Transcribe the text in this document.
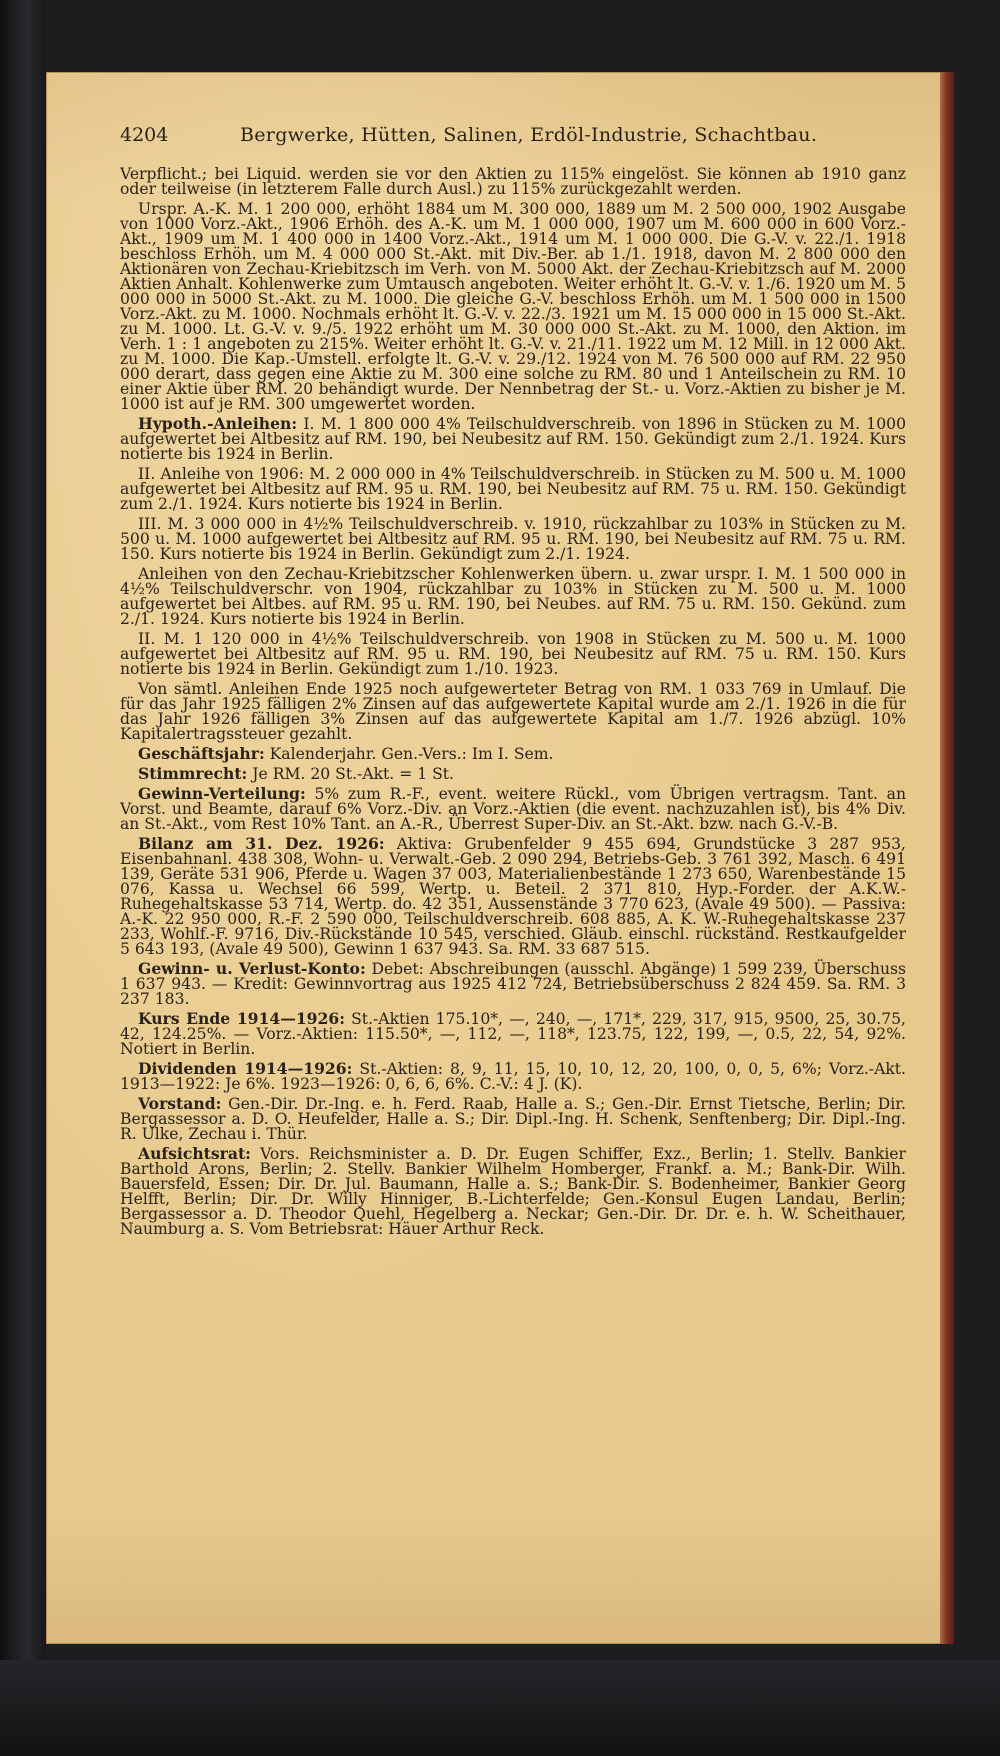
4204	Bergwerke, Hütten, Salinen, Erdöl-Industrie, Schachtbau.

Verpflicht.; bei Liquid. werden sie vor den Aktien zu 115% eingelöst. Sie können ab 1910 ganz oder teilweise (in letzterem Falle durch Ausl.) zu 115% zurückgezahlt werden.

Urspr. A.-K. M. 1 200 000, erhöht 1884 um M. 300 000, 1889 um M. 2 500 000, 1902 Ausgabe von 1000 Vorz.-Akt., 1906 Erhöh. des A.-K. um M. 1 000 000, 1907 um M. 600 000 in 600 Vorz.-Akt., 1909 um M. 1 400 000 in 1400 Vorz.-Akt., 1914 um M. 1 000 000. Die G.-V. v. 22./1. 1918 beschloss Erhöh. um M. 4 000 000 St.-Akt. mit Div.-Ber. ab 1./1. 1918, davon M. 2 800 000 den Aktionären von Zechau-Kriebitzsch im Verh. von M. 5000 Akt. der Zechau-Kriebitzsch auf M. 2000 Aktien Anhalt. Kohlenwerke zum Umtausch angeboten. Weiter erhöht lt. G.-V. v. 1./6. 1920 um M. 5 000 000 in 5000 St.-Akt. zu M. 1000. Die gleiche G.-V. beschloss Erhöh. um M. 1 500 000 in 1500 Vorz.-Akt. zu M. 1000. Nochmals erhöht lt. G.-V. v. 22./3. 1921 um M. 15 000 000 in 15 000 St.-Akt. zu M. 1000. Lt. G.-V. v. 9./5. 1922 erhöht um M. 30 000 000 St.-Akt. zu M. 1000, den Aktion. im Verh. 1 : 1 angeboten zu 215%. Weiter erhöht lt. G.-V. v. 21./11. 1922 um M. 12 Mill. in 12 000 Akt. zu M. 1000. Die Kap.-Umstell. erfolgte lt. G.-V. v. 29./12. 1924 von M. 76 500 000 auf RM. 22 950 000 derart, dass gegen eine Aktie zu M. 300 eine solche zu RM. 80 und 1 Anteilschein zu RM. 10 einer Aktie über RM. 20 behändigt wurde. Der Nennbetrag der St.- u. Vorz.-Aktien zu bisher je M. 1000 ist auf je RM. 300 umgewertet worden.

Hypoth.-Anleihen: I. M. 1 800 000 4% Teilschuldverschreib. von 1896 in Stücken zu M. 1000 aufgewertet bei Altbesitz auf RM. 190, bei Neubesitz auf RM. 150. Gekündigt zum 2./1. 1924. Kurs notierte bis 1924 in Berlin.

II. Anleihe von 1906: M. 2 000 000 in 4% Teilschuldverschreib. in Stücken zu M. 500 u. M. 1000 aufgewertet bei Altbesitz auf RM. 95 u. RM. 190, bei Neubesitz auf RM. 75 u. RM. 150. Gekündigt zum 2./1. 1924. Kurs notierte bis 1924 in Berlin.

III. M. 3 000 000 in 4½% Teilschuldverschreib. v. 1910, rückzahlbar zu 103% in Stücken zu M. 500 u. M. 1000 aufgewertet bei Altbesitz auf RM. 95 u. RM. 190, bei Neubesitz auf RM. 75 u. RM. 150. Kurs notierte bis 1924 in Berlin. Gekündigt zum 2./1. 1924.

Anleihen von den Zechau-Kriebitzscher Kohlenwerken übern. u. zwar urspr. I. M. 1 500 000 in 4½% Teilschuldverschr. von 1904, rückzahlbar zu 103% in Stücken zu M. 500 u. M. 1000 aufgewertet bei Altbes. auf RM. 95 u. RM. 190, bei Neubes. auf RM. 75 u. RM. 150. Gekünd. zum 2./1. 1924. Kurs notierte bis 1924 in Berlin.

II. M. 1 120 000 in 4½% Teilschuldverschreib. von 1908 in Stücken zu M. 500 u. M. 1000 aufgewertet bei Altbesitz auf RM. 95 u. RM. 190, bei Neubesitz auf RM. 75 u. RM. 150. Kurs notierte bis 1924 in Berlin. Gekündigt zum 1./10. 1923.

Von sämtl. Anleihen Ende 1925 noch aufgewerteter Betrag von RM. 1 033 769 in Umlauf. Die für das Jahr 1925 fälligen 2% Zinsen auf das aufgewertete Kapital wurde am 2./1. 1926 in die für das Jahr 1926 fälligen 3% Zinsen auf das aufgewertete Kapital am 1./7. 1926 abzügl. 10% Kapitalertragssteuer gezahlt.

Geschäftsjahr: Kalenderjahr. Gen.-Vers.: Im I. Sem.

Stimmrecht: Je RM. 20 St.-Akt. = 1 St.

Gewinn-Verteilung: 5% zum R.-F., event. weitere Rückl., vom Übrigen vertragsm. Tant. an Vorst. und Beamte, darauf 6% Vorz.-Div. an Vorz.-Aktien (die event. nachzuzahlen ist), bis 4% Div. an St.-Akt., vom Rest 10% Tant. an A.-R., Überrest Super-Div. an St.-Akt. bzw. nach G.-V.-B.

Bilanz am 31. Dez. 1926: Aktiva: Grubenfelder 9 455 694, Grundstücke 3 287 953, Eisenbahnanl. 438 308, Wohn- u. Verwalt.-Geb. 2 090 294, Betriebs-Geb. 3 761 392, Masch. 6 491 139, Geräte 531 906, Pferde u. Wagen 37 003, Materialienbestände 1 273 650, Warenbestände 15 076, Kassa u. Wechsel 66 599, Wertp. u. Beteil. 2 371 810, Hyp.-Forder. der A.K.W.-Ruhegehaltskasse 53 714, Wertp. do. 42 351, Aussenstände 3 770 623, (Avale 49 500). — Passiva: A.-K. 22 950 000, R.-F. 2 590 000, Teilschuldverschreib. 608 885, A. K. W.-Ruhegehaltskasse 237 233, Wohlf.-F. 9716, Div.-Rückstände 10 545, verschied. Gläub. einschl. rückständ. Restkaufgelder 5 643 193, (Avale 49 500), Gewinn 1 637 943. Sa. RM. 33 687 515.

Gewinn- u. Verlust-Konto: Debet: Abschreibungen (ausschl. Abgänge) 1 599 239, Überschuss 1 637 943. — Kredit: Gewinnvortrag aus 1925 412 724, Betriebsüberschuss 2 824 459. Sa. RM. 3 237 183.

Kurs Ende 1914—1926: St.-Aktien 175.10*, —, 240, —, 171*, 229, 317, 915, 9500, 25, 30.75, 42, 124.25%. — Vorz.-Aktien: 115.50*, —, 112, —, 118*, 123.75, 122, 199, —, 0.5, 22, 54, 92%. Notiert in Berlin.

Dividenden 1914—1926: St.-Aktien: 8, 9, 11, 15, 10, 10, 12, 20, 100, 0, 0, 5, 6%; Vorz.-Akt. 1913—1922: Je 6%. 1923—1926: 0, 6, 6, 6%. C.-V.: 4 J. (K).

Vorstand: Gen.-Dir. Dr.-Ing. e. h. Ferd. Raab, Halle a. S.; Gen.-Dir. Ernst Tietsche, Berlin; Dir. Bergassessor a. D. O. Heufelder, Halle a. S.; Dir. Dipl.-Ing. H. Schenk, Senftenberg; Dir. Dipl.-Ing. R. Ulke, Zechau i. Thür.

Aufsichtsrat: Vors. Reichsminister a. D. Dr. Eugen Schiffer, Exz., Berlin; 1. Stellv. Bankier Barthold Arons, Berlin; 2. Stellv. Bankier Wilhelm Homberger, Frankf. a. M.; Bank-Dir. Wilh. Bauersfeld, Essen; Dir. Dr. Jul. Baumann, Halle a. S.; Bank-Dir. S. Bodenheimer, Bankier Georg Helfft, Berlin; Dir. Dr. Willy Hinniger, B.-Lichterfelde; Gen.-Konsul Eugen Landau, Berlin; Bergassessor a. D. Theodor Quehl, Hegelberg a. Neckar; Gen.-Dir. Dr. Dr. e. h. W. Scheithauer, Naumburg a. S. Vom Betriebsrat: Häuer Arthur Reck.
